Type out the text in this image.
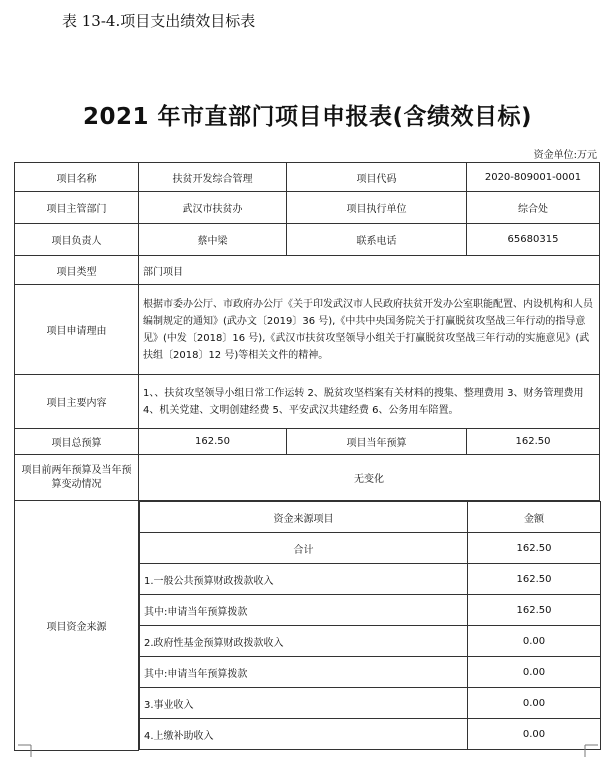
表 13-4.项目支出绩效目标表
2021 年市直部门项目申报表(含绩效目标)
资金单位:万元
项目名称	扶贫开发综合管理	项目代码	2020-809001-0001
项目主管部门	武汉市扶贫办	项目执行单位	综合处
项目负责人	蔡中梁	联系电话	65680315
项目类型	部门项目
项目申请理由	根据市委办公厅、市政府办公厅《关于印发武汉市人民政府扶贫开发办公室职能配置、内设机构和人员编制规定的通知》(武办文〔2019〕36 号),《中共中央国务院关于打赢脱贫攻坚战三年行动的指导意见》(中发〔2018〕16 号),《武汉市扶贫攻坚领导小组关于打赢脱贫攻坚战三年行动的实施意见》(武扶组〔2018〕12 号)等相关文件的精神。
项目主要内容	1、、扶贫攻坚领导小组日常工作运转 2、脱贫攻坚档案有关材料的搜集、整理费用 3、财务管理费用 4、机关党建、文明创建经费 5、平安武汉共建经费 6、公务用车陪置。
项目总预算	162.50	项目当年预算	162.50
项目前两年预算及当年预算变动情况	无变化
项目资金来源	
资金来源项目	金额
合计	162.50
1.一般公共预算财政拨款收入	162.50
其中:申请当年预算拨款	162.50
2.政府性基金预算财政拨款收入	0.00
其中:申请当年预算拨款	0.00
3.事业收入	0.00
4.上缴补助收入	0.00
